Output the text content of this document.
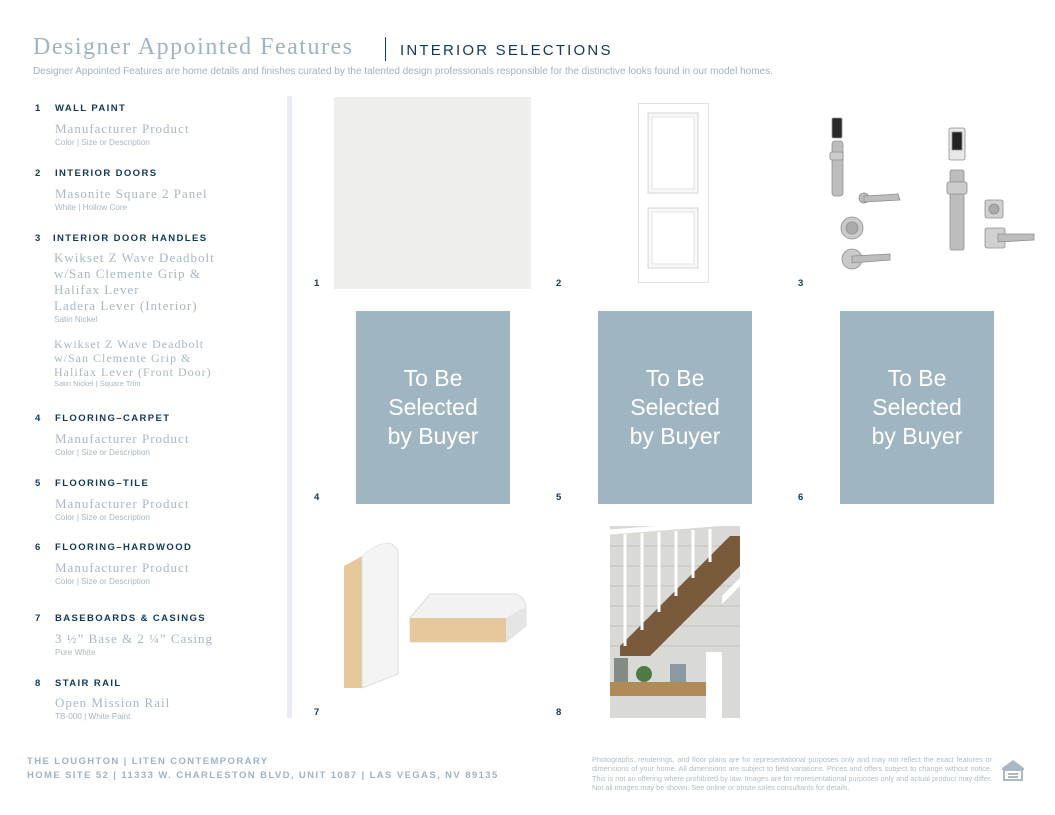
Designer Appointed Features	INTERIOR SELECTIONS
Designer Appointed Features are home details and finishes curated by the talented design professionals responsible for the distinctive looks found in our model homes.
1 WALL PAINT
Manufacturer Product
Color | Size or Description
2 INTERIOR DOORS
Masonite Square 2 Panel
White | Hollow Core
3 INTERIOR DOOR HANDLES
Kwikset Z Wave Deadbolt
w/San Clemente Grip &
Halifax Lever
Ladera Lever (Interior)
Satin Nickel
Kwikset Z Wave Deadbolt
w/San Clemente Grip &
Halifax Lever (Front Door)
Satin Nickel | Square Trim
4 FLOORING–CARPET
Manufacturer Product
Color | Size or Description
5 FLOORING–TILE
Manufacturer Product
Color | Size or Description
6 FLOORING–HARDWOOD
Manufacturer Product
Color | Size or Description
7 BASEBOARDS & CASINGS
3 ½” Base & 2 ¼” Casing
Pure White
8 STAIR RAIL
Open Mission Rail
TB-000 | White Paint
1	2	3
To Be
Selected
by Buyer
4
To Be
Selected
by Buyer
5
To Be
Selected
by Buyer
6
7	8
THE LOUGHTON | LITEN CONTEMPORARY
HOME SITE 52 | 11333 W. CHARLESTON BLVD, UNIT 1087 | LAS VEGAS, NV 89135
Photographs, renderings, and floor plans are for representational purposes only and may not reflect the exact features or dimensions of your home. All dimensions are subject to field variations. Prices and offers subject to change without notice. This is not an offering where prohibited by law. Images are for representational purposes only and actual product may differ. Not all images may be shown. See online or onsite sales consultants for details.
